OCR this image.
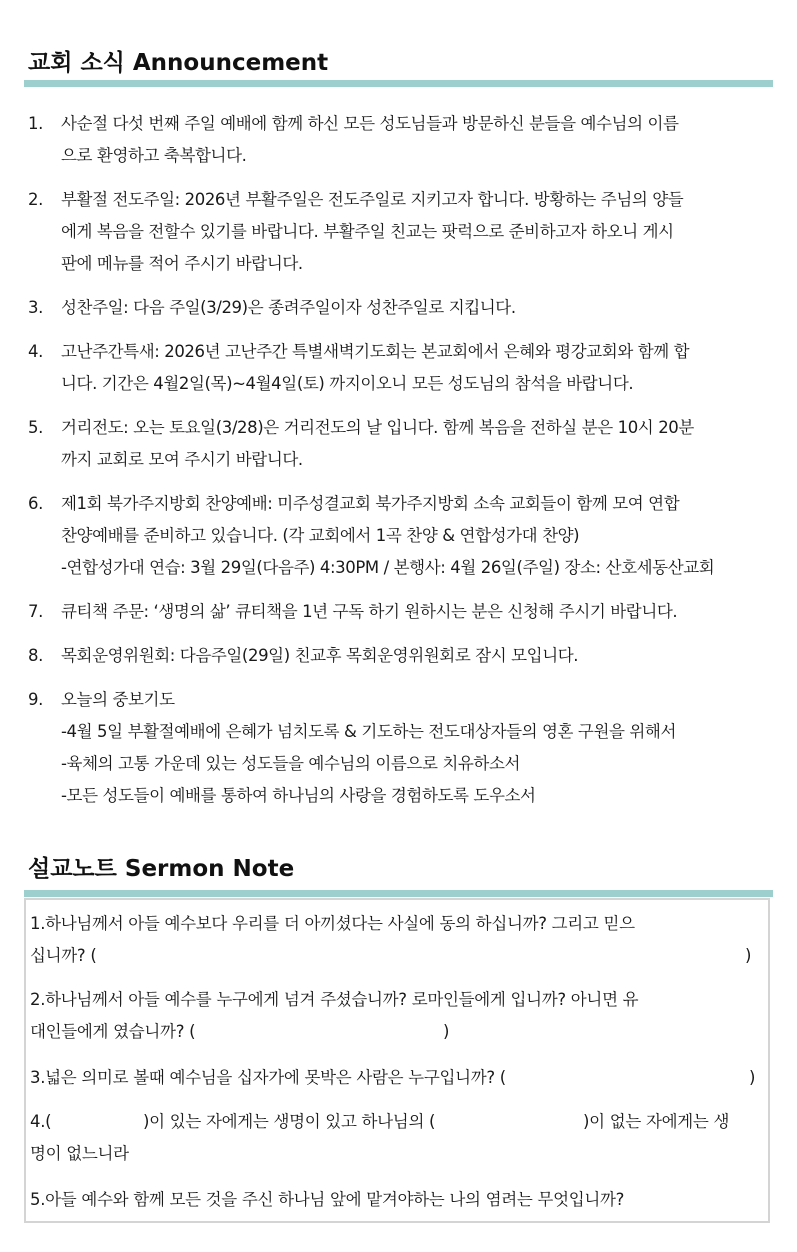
교회 소식 Announcement
1. 사순절 다섯 번째 주일 예배에 함께 하신 모든 성도님들과 방문하신 분들을 예수님의 이름
으로 환영하고 축복합니다.
2. 부활절 전도주일: 2026년 부활주일은 전도주일로 지키고자 합니다. 방황하는 주님의 양들
에게 복음을 전할수 있기를 바랍니다. 부활주일 친교는 팟럭으로 준비하고자 하오니 게시
판에 메뉴를 적어 주시기 바랍니다.
3. 성찬주일: 다음 주일(3/29)은 종려주일이자 성찬주일로 지킵니다.
4. 고난주간특새: 2026년 고난주간 특별새벽기도회는 본교회에서 은혜와 평강교회와 함께 합
니다. 기간은 4월2일(목)~4월4일(토) 까지이오니 모든 성도님의 참석을 바랍니다.
5. 거리전도: 오는 토요일(3/28)은 거리전도의 날 입니다. 함께 복음을 전하실 분은 10시 20분
까지 교회로 모여 주시기 바랍니다.
6. 제1회 북가주지방회 찬양예배: 미주성결교회 북가주지방회 소속 교회들이 함께 모여 연합
찬양예배를 준비하고 있습니다. (각 교회에서 1곡 찬양 & 연합성가대 찬양)
-연합성가대 연습: 3월 29일(다음주) 4:30PM / 본행사: 4월 26일(주일) 장소: 산호세동산교회
7. 큐티책 주문: ‘생명의 삶’ 큐티책을 1년 구독 하기 원하시는 분은 신청해 주시기 바랍니다.
8. 목회운영위원회: 다음주일(29일) 친교후 목회운영위원회로 잠시 모입니다.
9. 오늘의 중보기도
-4월 5일 부활절예배에 은혜가 넘치도록 & 기도하는 전도대상자들의 영혼 구원을 위해서
-육체의 고통 가운데 있는 성도들을 예수님의 이름으로 치유하소서
-모든 성도들이 예배를 통하여 하나님의 사랑을 경험하도록 도우소서
설교노트 Sermon Note
1.하나님께서 아들 예수보다 우리를 더 아끼셨다는 사실에 동의 하십니까? 그리고 믿으
십니까? (	)
2.하나님께서 아들 예수를 누구에게 넘겨 주셨습니까? 로마인들에게 입니까? 아니면 유
대인들에게 였습니까? (	)
3.넓은 의미로 볼때 예수님을 십자가에 못박은 사람은 누구입니까? (	)
4.(	)이 있는 자에게는 생명이 있고 하나님의 (	)이 없는 자에게는 생
명이 없느니라
5.아들 예수와 함께 모든 것을 주신 하나님 앞에 맡겨야하는 나의 염려는 무엇입니까?
